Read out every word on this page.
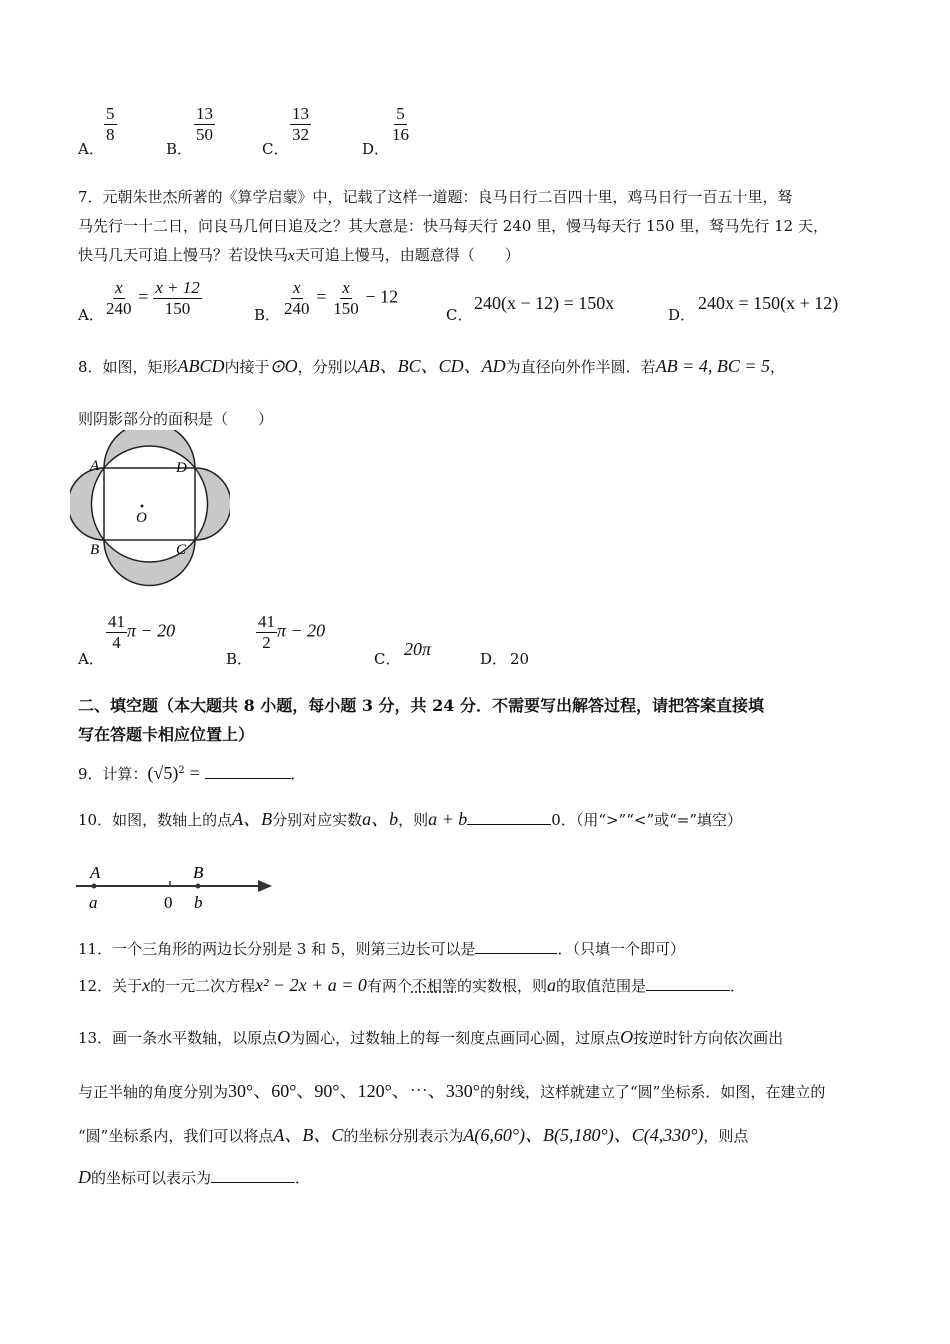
A．
$\frac{5}{8}$
B．
$\frac{13}{50}$
C．
$\frac{13}{32}$
D．
$\frac{5}{16}$
7．元朝朱世杰所著的《算学启蒙》中，记载了这样一道题：良马日行二百四十里，鸡马日行一百五十里，驽
马先行一十二日，问良马几何日追及之？其大意是：快马每天行 240 里，慢马每天行 150 里，驽马先行 12 天，
快马几天可追上慢马？若设快马x天可追上慢马，由题意得（　　）
A． $\frac{x}{240} = \frac{x + 12}{150}$	B． $\frac{x}{240} = \frac{x}{150} - 12$
C．
240(x − 12) = 150x
D．
240x = 150(x + 12)
8．如图，矩形ABCD内接于⊙O，分别以AB、BC、CD、AD为直径向外作半圆．若AB = 4, BC = 5，
则阴影部分的面积是（　　）
A	D
B	C
O
A．
$\frac{41}{4}$ π − 20
B．
$\frac{41}{2}$ π − 20
C． 20π	D． 20
二、填空题（本大题共 8 小题，每小题 3 分，共 24 分．不需要写出解答过程，请把答案直接填
写在答题卡相应位置上）
9．计算：$(√5)^2$ =	．
10．如图，数轴上的点A、B分别对应实数a、b，则a + b	0．（用“>”“<”或“=”填空）
A
a	0
B
b
11．一个三角形的两边长分别是 3 和 5，则第三边长可以是	．（只填一个即可）
12．关于x的一元二次方程x² − 2x + a = 0有两个不相等的实数根，则a的取值范围是	．
13．画一条水平数轴，以原点O为圆心，过数轴上的每一刻度点画同心圆，过原点O按逆时针方向依次画出
与正半轴的角度分别为30°、60°、90°、120°、⋯、330°的射线，这样就建立了“圆”坐标系．如图，在建立的
“圆”坐标系内，我们可以将点A、B、C的坐标分别表示为A(6,60°)、B(5,180°)、C(4,330°)，则点
D的坐标可以表示为	．
